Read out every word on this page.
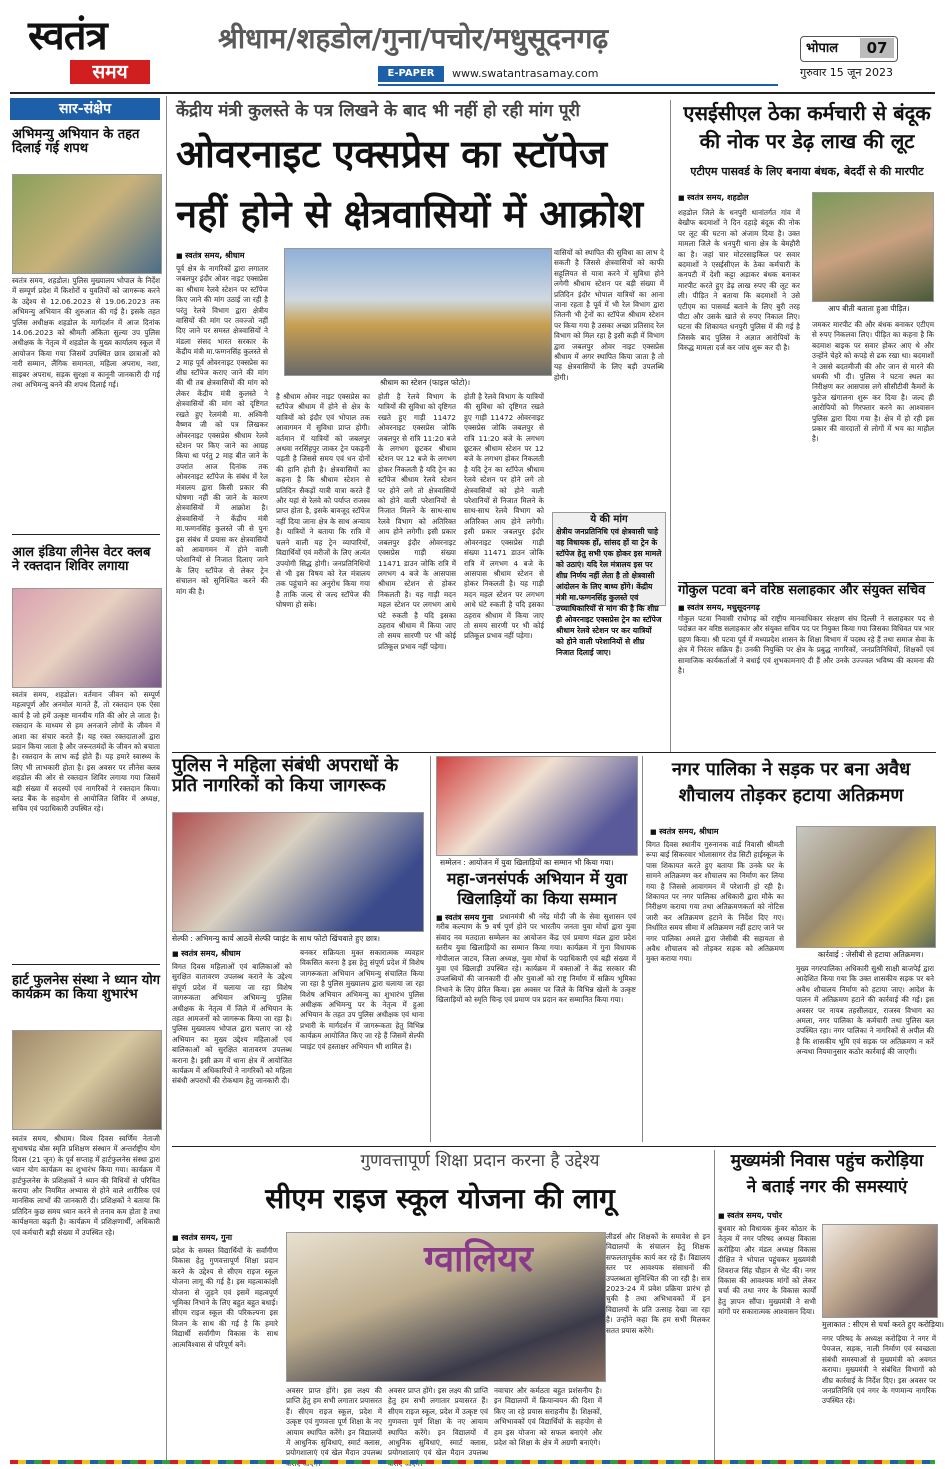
स्वतंत्र
समय
श्रीधाम/शहडोल/गुना/पचोर/मधुसूदनगढ़
E-PAPER	www.swatantrasamay.com
भोपाल	07
गुरुवार 15 जून 2023
सार-संक्षेप
अभिमन्यु अभियान के तहत दिलाई गई शपथ
स्वतंत्र समय, शहडोल। पुलिस मुख्यालय भोपाल के निर्देश में सम्पूर्ण प्रदेश में किशोरों व युवतियों को जागरूक करने के उद्देश्य से 12.06.2023 से 19.06.2023 तक अभिमन्यु अभियान की शुरुआत की गई है। इसके तहत पुलिस अधीक्षक शहडोल के मार्गदर्शन में आज दिनांक 14.06.2023 को श्रीमती अंकिता सुल्या उप पुलिस अधीक्षक के नेतृत्व में शहडोल के मुख्य कार्यालय स्कूल में आयोजन किया गया जिसमें उपस्थित छात्र छात्राओं को नारी सम्मान, लैंगिक समानता, महिला अपराध, नशा, साइबर अपराध, सड़क सुरक्षा व कानूनी जानकारी दी गई तथा अभिमन्यु बनने की शपथ दिलाई गई।
आल इंडिया लीनेस वेटर क्लब ने रक्तदान शिविर लगाया
स्वतंत्र समय, शहडोल। वर्तमान जीवन को सम्पूर्ण महत्वपूर्ण और अनमोल मानते हैं, तो रक्तदान एक ऐसा कार्य है जो हमें उत्कृष्ट मानवीय गति की ओर ले जाता है। रक्तदान के माध्यम से हम अनजाने लोगों के जीवन में आशा का संचार करते हैं। यह रक्त रक्तदाताओं द्वारा प्रदान किया जाता है और जरूरतमंदों के जीवन को बचाता है। रक्तदान के लाभ कई होते हैं। यह हमारे स्वास्थ्य के लिए भी लाभकारी होता है। इस अवसर पर लीनेस क्लब शहडोल की ओर से रक्तदान शिविर लगाया गया जिसमें बड़ी संख्या में सदस्यों एवं नागरिकों ने रक्तदान किया। ब्लड बैंक के सहयोग से आयोजित शिविर में अध्यक्ष, सचिव एवं पदाधिकारी उपस्थित रहे।
हार्ट फुलनेस संस्था ने ध्यान योग कार्यक्रम का किया शुभारंभ
स्वतंत्र समय, श्रीधाम। विश्व दिवस स्वर्णिम नेताजी सुभाषचंद्र बोस स्मृति प्रशिक्षण संस्थान में अन्तर्राष्ट्रीय योग दिवस (21 जून) के पूर्व सप्ताह में हार्टफुलनेस संस्था द्वारा ध्यान योग कार्यक्रम का शुभारंभ किया गया। कार्यक्रम में हार्टफुलनेस के प्रशिक्षकों ने ध्यान की विधियों से परिचित कराया और नियमित अभ्यास से होने वाले शारीरिक एवं मानसिक लाभों की जानकारी दी। प्रशिक्षकों ने बताया कि प्रतिदिन कुछ समय ध्यान करने से तनाव कम होता है तथा कार्यक्षमता बढ़ती है। कार्यक्रम में प्रशिक्षणार्थी, अधिकारी एवं कर्मचारी बड़ी संख्या में उपस्थित रहे।
केंद्रीय मंत्री कुलस्ते के पत्र लिखने के बाद भी नहीं हो रही मांग पूरी
ओवरनाइट एक्सप्रेस का स्टॉपेज
नहीं होने से क्षेत्रवासियों में आक्रोश
■ स्वतंत्र समय, श्रीधाम
पूर्व क्षेत्र के नागरिकों द्वारा लगातार जबलपुर इंदौर ओवर नाइट एक्सप्रेस का श्रीधाम रेलवे स्टेशन पर स्टॉपेज किए जाने की मांग उठाई जा रही है परंतु रेलवे विभाग द्वारा क्षेत्रीय वासियों की मांग पर तवज्जो नहीं दिए जाने पर समस्त क्षेत्रवासियों ने मंडला संसद भारत सरकार के केंद्रीय मंत्री मा.फग्गनसिंह कुलस्ते से 2 माह पूर्व ओवरनाइट एक्सप्रेस का शीघ्र स्टॉपेज कराए जाने की मांग की थी तब क्षेत्रवासियों की मांग को लेकर केंद्रीय मंत्री कुलस्ते ने क्षेत्रवासियों की मांग को दृष्टिगत रखते हुए रेलमंत्री मा. अश्विनी वैष्णव जी को पत्र लिखकर ओवरनाइट एक्सप्रेस श्रीधाम रेलवे स्टेशन पर किए जाने का आग्रह किया था परंतु 2 माह बीत जाने के उपरांत आज दिनांक तक ओवरनाइट स्टॉपेज के संबंध में रेल मंत्रालय द्वारा किसी प्रकार की घोषणा नहीं की जाने के कारण क्षेत्रवासियों में आक्रोश है। क्षेत्रवासियों ने केंद्रीय मंत्री मा.फग्गनसिंह कुलस्ते जी से पुनः इस संबंध में प्रयास कर क्षेत्रवासियों को आवागमन में होने वाली परेशानियों से निजात दिलाए जाने के लिए स्टॉपेज से लेकर ट्रेन संचालन को सुनिश्चित करने की मांग की है।
श्रीधाम का स्टेशन (फाइल फोटो)।
है श्रीधाम ओवर नाइट एक्सप्रेस का स्टॉपेज श्रीधाम में होने से क्षेत्र के यात्रियों को इंदौर एवं भोपाल तक आवागमन में सुविधा प्राप्त होगी। वर्तमान में यात्रियों को जबलपुर अथवा नरसिंहपुर जाकर ट्रेन पकड़नी पड़ती है जिससे समय एवं धन दोनों की हानि होती है। क्षेत्रवासियों का कहना है कि श्रीधाम स्टेशन से प्रतिदिन सैकड़ों यात्री यात्रा करते हैं और यहां से रेलवे को पर्याप्त राजस्व प्राप्त होता है, इसके बावजूद स्टॉपेज नहीं दिया जाना क्षेत्र के साथ अन्याय है। यात्रियों ने बताया कि रात्रि में चलने वाली यह ट्रेन व्यापारियों, विद्यार्थियों एवं मरीजों के लिए अत्यंत उपयोगी सिद्ध होगी। जनप्रतिनिधियों से भी इस विषय को रेल मंत्रालय तक पहुंचाने का अनुरोध किया गया है ताकि जल्द से जल्द स्टॉपेज की घोषणा हो सके।
होती है रेलवे विभाग के यात्रियों की सुविधा को दृष्टिगत रखते हुए गाड़ी 11472 ओवरनाइट एक्सप्रेस जोकि जबलपुर से रात्रि 11:20 बजे के लगभग छूटकर श्रीधाम स्टेशन पर 12 बजे के लगभग होकर निकलती है यदि ट्रेन का स्टॉपेज श्रीधाम रेलवे स्टेशन पर होने लगे तो क्षेत्रवासियों को होने वाली परेशानियों से निजात मिलने के साथ-साथ रेलवे विभाग को अतिरिक्त आय होने लगेगी। इसी प्रकार जबलपुर इंदौर ओवरनाइट एक्सप्रेस गाड़ी संख्या 11471 डाउन जोकि रात्रि में लगभग 4 बजे के आसपास श्रीधाम स्टेशन से होकर निकलती है। यह गाड़ी मदन महल स्टेशन पर लगभग आधे घंटे रुकती है यदि इसका ठहराव श्रीधाम में किया जाए तो समय सारणी पर भी कोई प्रतिकूल प्रभाव नहीं पड़ेगा।
होती है रेलवे विभाग के यात्रियों की सुविधा को दृष्टिगत रखते हुए गाड़ी 11472 ओवरनाइट एक्सप्रेस जोकि जबलपुर से रात्रि 11:20 बजे के लगभग छूटकर श्रीधाम स्टेशन पर 12 बजे के लगभग होकर निकलती है यदि ट्रेन का स्टॉपेज श्रीधाम रेलवे स्टेशन पर होने लगे तो क्षेत्रवासियों को होने वाली परेशानियों से निजात मिलने के साथ-साथ रेलवे विभाग को अतिरिक्त आय होने लगेगी। इसी प्रकार जबलपुर इंदौर ओवरनाइट एक्सप्रेस गाड़ी संख्या 11471 डाउन जोकि रात्रि में लगभग 4 बजे के आसपास श्रीधाम स्टेशन से होकर निकलती है। यह गाड़ी मदन महल स्टेशन पर लगभग आधे घंटे रुकती है यदि इसका ठहराव श्रीधाम में किया जाए तो समय सारणी पर भी कोई प्रतिकूल प्रभाव नहीं पड़ेगा।
वासियों को स्थापित की सुविधा का लाभ दे सकती है जिससे क्षेत्रवासियों को काफी सहूलियत से यात्रा करने में सुविधा होने लगेगी श्रीधाम स्टेशन पर बड़ी संख्या में प्रतिदिन इंदौर भोपाल यात्रियों का आना जाना रहता है पूर्व में भी रेल विभाग द्वारा जितनी भी ट्रेनों का स्टॉपेज श्रीधाम स्टेशन पर किया गया है उसका अच्छा प्रतिसाद रेल विभाग को मिल रहा है इसी कड़ी में विभाग द्वारा जबलपुर ओवर नाइट एक्सप्रेस श्रीधाम में अगर स्थापित किया जाता है तो यह क्षेत्रवासियों के लिए बड़ी उपलब्धि होगी।
ये की मांग
क्षेत्रीय जनप्रतिनिधि एवं क्षेत्रवासी चाहे वह विधायक हों, सांसद हों या ट्रेन के स्टॉपेज हेतु सभी एक होकर इस मामले को उठाएं। यदि रेल मंत्रालय इस पर शीघ्र निर्णय नहीं लेता है तो क्षेत्रवासी आंदोलन के लिए बाध्य होंगे। केंद्रीय मंत्री मा.फग्गनसिंह कुलस्ते एवं उच्चाधिकारियों से मांग की है कि शीघ्र ही ओवरनाइट एक्सप्रेस ट्रेन का स्टॉपेज श्रीधाम रेलवे स्टेशन पर कर यात्रियों को होने वाली परेशानियों से शीघ्र निजात दिलाई जाए।
एसईसीएल ठेका कर्मचारी से बंदूक
की नोक पर डेढ़ लाख की लूट
एटीएम पासवर्ड के लिए बनाया बंधक, बेदर्दी से की मारपीट
■ स्वतंत्र समय, शहडोल
शहडोल जिले के धनपुरी थानांतर्गत गांव में बेखौफ बदमाशों ने दिन दहाड़े बंदूक की नोक पर लूट की घटना को अंजाम दिया है। उक्त मामला जिले के धनपुरी थाना क्षेत्र के बेमहौरी का है। जहां चार मोटरसाइकिल पर सवार बदमाशों ने एसईसीएल के ठेका कर्मचारी के कनपटी में देशी कट्टा अड़ाकर बंधक बनाकर मारपीट करते हुए डेढ़ लाख रुपए की लूट कर ली। पीड़ित ने बताया कि बदमाशों ने उसे एटीएम का पासवर्ड बताने के लिए बुरी तरह पीटा और उसके खाते से रुपए निकाल लिए। घटना की शिकायत धनपुरी पुलिस में की गई है जिसके बाद पुलिस ने अज्ञात आरोपियों के विरुद्ध मामला दर्ज कर जांच शुरू कर दी है।
आप बीती बताता हुआ पीड़ित।
जमकर मारपीट की और बंधक बनाकर एटीएम से रुपए निकलवा लिए। पीड़ित का कहना है कि बदमाश बाइक पर सवार होकर आए थे और उन्होंने चेहरे को कपड़े से ढक रखा था। बदमाशों ने उससे बदतमीजी की और जान से मारने की धमकी भी दी। पुलिस ने घटना स्थल का निरीक्षण कर आसपास लगे सीसीटीवी कैमरों के फुटेज खंगालना शुरू कर दिया है। जल्द ही आरोपियों को गिरफ्तार करने का आश्वासन पुलिस द्वारा दिया गया है। क्षेत्र में हो रही इस प्रकार की वारदातों से लोगों में भय का माहौल है।
गोकुल पटवा बने वरिष्ठ सलाहकार और संयुक्त सचिव
■ स्वतंत्र समय, मधुसूदनगढ़
गोकुल पटवा निवासी राघोगढ़ को राष्ट्रीय मानवाधिकार संरक्षण संघ दिल्ली ने सलाहकार पद से पदोन्नत कर वरिष्ठ सलाहकार और संयुक्त सचिव पद पर नियुक्त किया गया जिसका विधिवत पत्र भार ग्रहण किया। श्री पटवा पूर्व में मध्यप्रदेश शासन के शिक्षा विभाग में पदस्थ रहे हैं तथा समाज सेवा के क्षेत्र में निरंतर सक्रिय हैं। उनकी नियुक्ति पर क्षेत्र के प्रबुद्ध नागरिकों, जनप्रतिनिधियों, शिक्षकों एवं सामाजिक कार्यकर्ताओं ने बधाई एवं शुभकामनाएं दी हैं और उनके उज्ज्वल भविष्य की कामना की है।
पुलिस ने महिला संबंधी अपराधों के प्रति नागरिकों को किया जागरूक
सेल्फी : अभिमन्यु कार्य आठवें सेल्फी प्वाइंट के साथ फोटो खिंचवाते हुए छात्र।
■ स्वतंत्र समय, श्रीधाम
विगत दिवस महिलाओं एवं बालिकाओं को सुरक्षित वातावरण उपलब्ध कराने के उद्देश्य संपूर्ण प्रदेश में चलाया जा रहा विशेष जागरूकता अभियान अभिमन्यु पुलिस अधीक्षक के नेतृत्व में जिले में अभियान के तहत आमजनों को जागरूक किया जा रहा है। पुलिस मुख्यालय भोपाल द्वारा चलाए जा रहे अभियान का मुख्य उद्देश्य महिलाओं एवं बालिकाओं को सुरक्षित वातावरण उपलब्ध कराना है। इसी क्रम में थाना क्षेत्र में आयोजित कार्यक्रम में अधिकारियों ने नागरिकों को महिला संबंधी अपराधों की रोकथाम हेतु जानकारी दी।
बनकर सक्रियता मुक्त सकारात्मक व्यवहार विकसित करना है इस हेतु संपूर्ण प्रदेश में विशेष जागरूकता अभियान अभिमन्यु संचालित किया जा रहा है पुलिस मुख्यालय द्वारा चलाया जा रहा विशेष अभियान अभिमन्यु का शुभारंभ पुलिस अधीक्षक अभिमन्यु पर के नेतृत्व में हुआ अभियान के तहत उप पुलिस अधीक्षक एवं थाना प्रभारी के मार्गदर्शन में जागरूकता हेतु विभिन्न कार्यक्रम आयोजित किए जा रहे हैं जिसमें सेल्फी प्वाइंट एवं हस्ताक्षर अभियान भी शामिल है।
सम्मेलन : आयोजन में युवा खिलाड़ियों का सम्मान भी किया गया।
महा-जनसंपर्क अभियान में युवा
खिलाड़ियों का किया सम्मान
■ स्वतंत्र समय गुना प्रधानमंत्री श्री नरेंद्र मोदी जी के सेवा सुशासन एवं गरीब कल्याण के 9 वर्ष पूर्ण होने पर भारतीय जनता युवा मोर्चा द्वारा युवा संवाद नव मतदाता सम्मेलन का आयोजन केंद्र एवं प्रमाण मंडल द्वारा प्रदेश स्तरीय युवा खिलाड़ियों का सम्मान किया गया। कार्यक्रम में गुना विधायक गोपीलाल जाटव, जिला अध्यक्ष, युवा मोर्चा के पदाधिकारी एवं बड़ी संख्या में युवा एवं खिलाड़ी उपस्थित रहे। कार्यक्रम में वक्ताओं ने केंद्र सरकार की उपलब्धियों की जानकारी दी और युवाओं को राष्ट्र निर्माण में सक्रिय भूमिका निभाने के लिए प्रेरित किया। इस अवसर पर जिले के विभिन्न खेलों के उत्कृष्ट खिलाड़ियों को स्मृति चिन्ह एवं प्रमाण पत्र प्रदान कर सम्मानित किया गया।
नगर पालिका ने सड़क पर बना अवैध
शौचालय तोड़कर हटाया अतिक्रमण
■ स्वतंत्र समय, श्रीधाम
विगत दिवस स्थानीय गुरुनानक वार्ड निवासी श्रीमती रूपा बाई सिकरवार भोलासागर रोड सिटी हाईस्कूल के पास शिकायत करते हुए बताया कि उनके घर के सामने अतिक्रमण कर शौचालय का निर्माण कर लिया गया है जिससे आवागमन में परेशानी हो रही है। शिकायत पर नगर पालिका अधिकारी द्वारा मौके का निरीक्षण कराया गया तथा अतिक्रमणकर्ता को नोटिस जारी कर अतिक्रमण हटाने के निर्देश दिए गए। निर्धारित समय सीमा में अतिक्रमण नहीं हटाए जाने पर नगर पालिका अमले द्वारा जेसीबी की सहायता से अवैध शौचालय को तोड़कर सड़क को अतिक्रमण मुक्त कराया गया।	कार्रवाई : जेसीबी से हटाया अतिक्रमण।
मुख्य नगरपालिका अधिकारी सुश्री साक्षी बाजपेई द्वारा आदेशित किया गया कि उक्त शासकीय सड़क पर बने अवैध शौचालय निर्माण को हटाया जाए। आदेश के पालन में अतिक्रमण हटाने की कार्रवाई की गई। इस अवसर पर नायब तहसीलदार, राजस्व विभाग का अमला, नगर पालिका के कर्मचारी तथा पुलिस बल उपस्थित रहा। नगर पालिका ने नागरिकों से अपील की है कि शासकीय भूमि एवं सड़क पर अतिक्रमण न करें अन्यथा नियमानुसार कठोर कार्रवाई की जाएगी।
गुणवत्तापूर्ण शिक्षा प्रदान करना है उद्देश्य
सीएम राइज स्कूल योजना की लागू
■ स्वतंत्र समय, गुना
प्रदेश के समस्त विद्यार्थियों के सर्वांगीण विकास हेतु गुणवत्तापूर्ण शिक्षा प्रदान करने के उद्देश्य से सीएम राइज स्कूल योजना लागू की गई है। इस महत्वाकांक्षी योजना से जुड़ने एवं इसमें महत्वपूर्ण भूमिका निभाने के लिए बहुत बहुत बधाई। सीएम राइज स्कूल की परिकल्पना इस विजन के साथ की गई है कि हमारे विद्यार्थी सर्वांगीण विकास के साथ आत्मविश्वास से परिपूर्ण बनें।
ग्वालियर
अवसर प्राप्त होंगे। इस लक्ष्य की प्राप्ति हेतु हम सभी लगातार प्रयासरत हैं। सीएम राइज स्कूल, प्रदेश में उत्कृष्ट एवं गुणवत्ता पूर्ण शिक्षा के नए आयाम स्थापित करेंगे। इन विद्यालयों में आधुनिक सुविधाएं, स्मार्ट क्लास, प्रयोगशालाएं एवं खेल मैदान उपलब्ध
अवसर प्राप्त होंगे। इस लक्ष्य की प्राप्ति हेतु हम सभी लगातार प्रयासरत हैं। सीएम राइज स्कूल, प्रदेश में उत्कृष्ट एवं गुणवत्ता पूर्ण शिक्षा के नए आयाम स्थापित करेंगे। इन विद्यालयों में आधुनिक सुविधाएं, स्मार्ट क्लास, प्रयोगशालाएं एवं खेल मैदान उपलब्ध
नवाचार और कर्मठता बहुत प्रशंसनीय है। इन विद्यालयों में क्रियान्वयन की दिशा में किए जा रहे प्रयास सराहनीय हैं। शिक्षकों, अभिभावकों एवं विद्यार्थियों के सहयोग से हम इस योजना को सफल बनाएंगे और प्रदेश को शिक्षा के क्षेत्र में अग्रणी बनाएंगे।
लीडर्स और शिक्षकों के समावेश से इन विद्यालयों के संचालन हेतु शिक्षक सफलतापूर्वक कार्य कर रहे हैं। विद्यालय स्तर पर आवश्यक संसाधनों की उपलब्धता सुनिश्चित की जा रही है। सत्र 2023-24 में प्रवेश प्रक्रिया प्रारंभ हो चुकी है तथा अभिभावकों में इन विद्यालयों के प्रति उत्साह देखा जा रहा है। उन्होंने कहा कि हम सभी मिलकर सतत प्रयास करेंगे।
मुख्यमंत्री निवास पहुंच करोड़िया
ने बताई नगर की समस्याएं
■ स्वतंत्र समय, पचोर
बुधवार को विधायक कुंवर कोठार के नेतृत्व में नगर परिषद अध्यक्ष विकास करोड़िया और मंडल अध्यक्ष विकास दीक्षित ने भोपाल पहुंचकर मुख्यमंत्री शिवराज सिंह चौहान से भेंट की। नगर विकास की आवश्यक मांगों को लेकर चर्चा की तथा नगर के विकास कार्यों हेतु ज्ञापन सौंपा। मुख्यमंत्री ने सभी मांगों पर सकारात्मक आश्वासन दिया।
मुलाकात : सीएम से चर्चा करते हुए करोड़िया।
नगर परिषद के अध्यक्ष करोड़िया ने नगर में पेयजल, सड़क, नाली निर्माण एवं स्वच्छता संबंधी समस्याओं से मुख्यमंत्री को अवगत कराया। मुख्यमंत्री ने संबंधित विभागों को शीघ्र कार्रवाई के निर्देश दिए। इस अवसर पर जनप्रतिनिधि एवं नगर के गणमान्य नागरिक उपस्थित रहे।
